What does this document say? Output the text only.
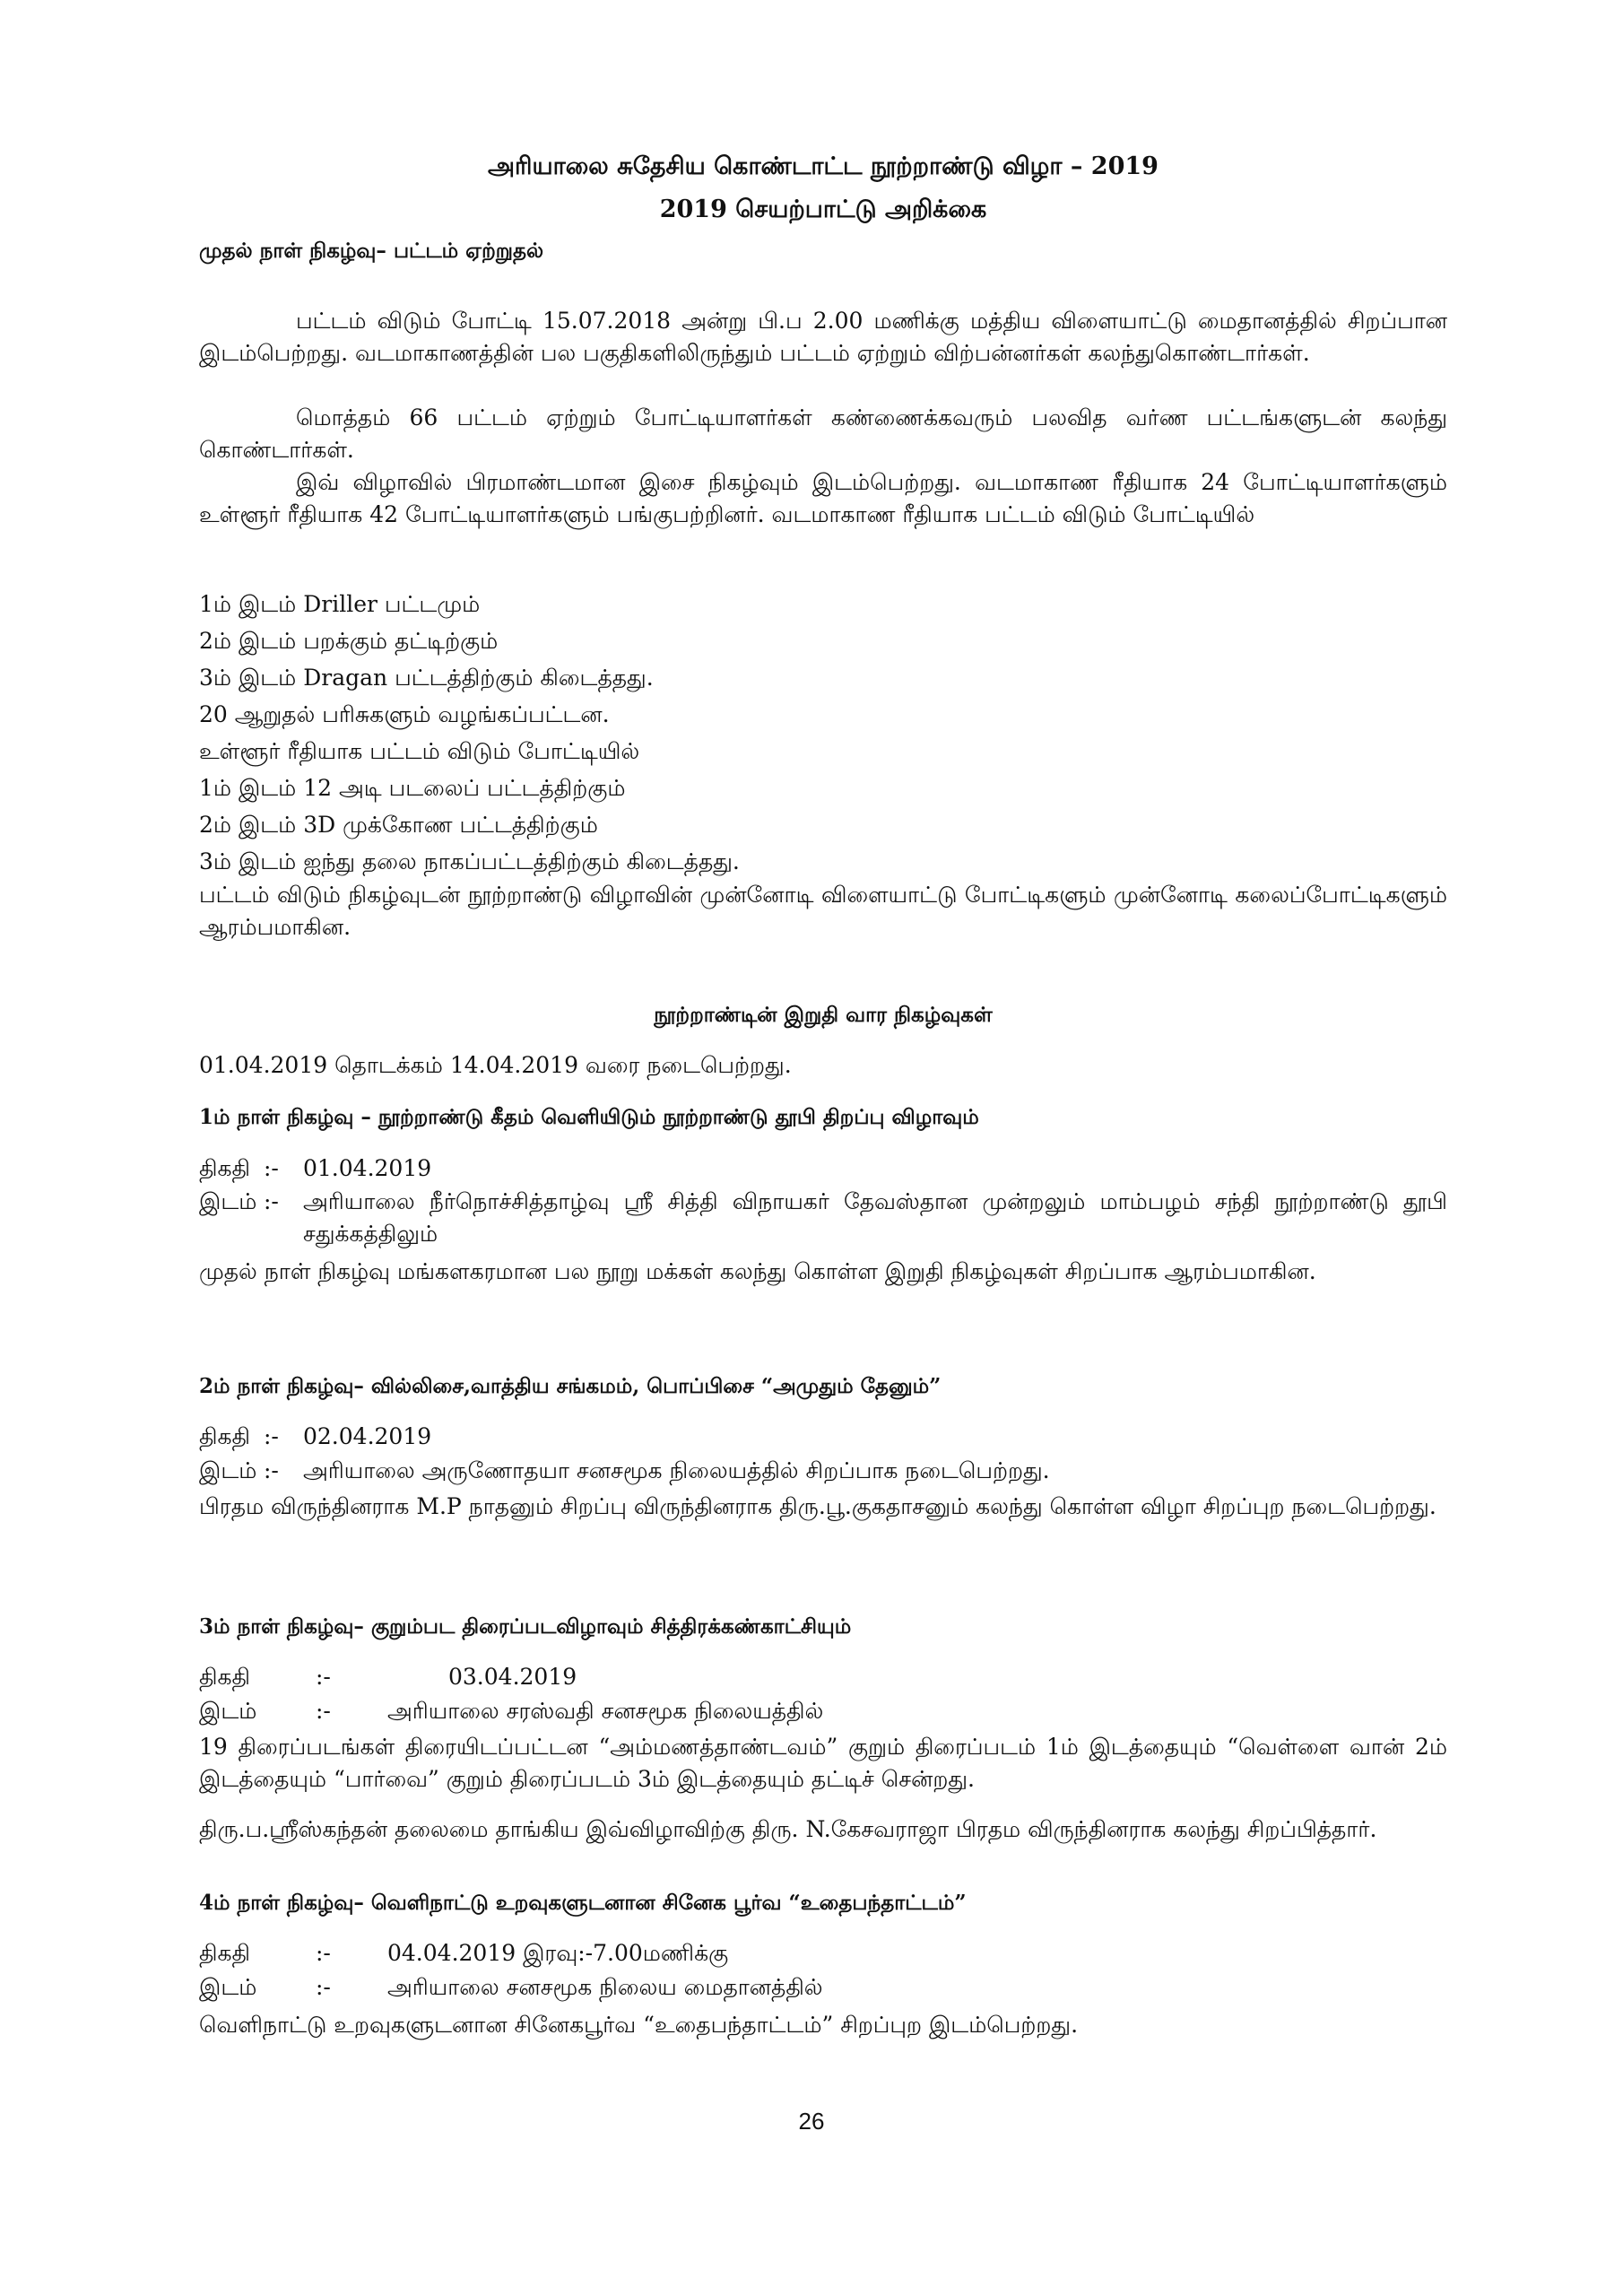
அரியாலை சுதேசிய கொண்டாட்ட நூற்றாண்டு விழா – 2019
2019 செயற்பாட்டு அறிக்கை
முதல் நாள் நிகழ்வு– பட்டம் ஏற்றுதல்
பட்டம் விடும் போட்டி 15.07.2018 அன்று பி.ப 2.00 மணிக்கு மத்திய விளையாட்டு மைதானத்தில் சிறப்பான இடம்பெற்றது. வடமாகாணத்தின் பல பகுதிகளிலிருந்தும் பட்டம் ஏற்றும் விற்பன்னர்கள் கலந்துகொண்டார்கள்.
மொத்தம் 66 பட்டம் ஏற்றும் போட்டியாளர்கள் கண்ணைக்கவரும் பலவித வர்ண பட்டங்களுடன் கலந்து கொண்டார்கள்.
இவ் விழாவில் பிரமாண்டமான இசை நிகழ்வும் இடம்பெற்றது. வடமாகாண ரீதியாக 24 போட்டியாளர்களும் உள்ளூர் ரீதியாக 42 போட்டியாளர்களும் பங்குபற்றினர். வடமாகாண ரீதியாக பட்டம் விடும் போட்டியில்
1ம் இடம் Driller பட்டமும்
2ம் இடம் பறக்கும் தட்டிற்கும்
3ம் இடம் Dragan பட்டத்திற்கும் கிடைத்தது.
20 ஆறுதல் பரிசுகளும் வழங்கப்பட்டன.
உள்ளூர் ரீதியாக பட்டம் விடும் போட்டியில்
1ம் இடம் 12 அடி படலைப் பட்டத்திற்கும்
2ம் இடம் 3D முக்கோண பட்டத்திற்கும்
3ம் இடம் ஐந்து தலை நாகப்பட்டத்திற்கும் கிடைத்தது.
பட்டம் விடும் நிகழ்வுடன் நூற்றாண்டு விழாவின் முன்னோடி விளையாட்டு போட்டிகளும் முன்னோடி கலைப்போட்டிகளும் ஆரம்பமாகின.
நூற்றாண்டின் இறுதி வார நிகழ்வுகள்
01.04.2019 தொடக்கம் 14.04.2019 வரை நடைபெற்றது.
1ம் நாள் நிகழ்வு – நூற்றாண்டு கீதம் வெளியிடும் நூற்றாண்டு தூபி திறப்பு விழாவும்
திகதி :-	01.04.2019
இடம் :-	அரியாலை நீர்நொச்சித்தாழ்வு ஸ்ரீ சித்தி விநாயகர் தேவஸ்தான முன்றலும் மாம்பழம் சந்தி நூற்றாண்டு தூபி சதுக்கத்திலும்
முதல் நாள் நிகழ்வு மங்களகரமான பல நூறு மக்கள் கலந்து கொள்ள இறுதி நிகழ்வுகள் சிறப்பாக ஆரம்பமாகின.
2ம் நாள் நிகழ்வு– வில்லிசை,வாத்திய சங்கமம், பொப்பிசை “அமுதும் தேனும்”
திகதி :-	02.04.2019
இடம் :-	அரியாலை அருணோதயா சனசமூக நிலையத்தில் சிறப்பாக நடைபெற்றது.
பிரதம விருந்தினராக M.P நாதனும் சிறப்பு விருந்தினராக திரு.பூ.குகதாசனும் கலந்து கொள்ள விழா சிறப்புற நடைபெற்றது.
3ம் நாள் நிகழ்வு– குறும்பட திரைப்படவிழாவும் சித்திரக்கண்காட்சியும்
திகதி	:-	03.04.2019
இடம்	:-	அரியாலை சரஸ்வதி சனசமூக நிலையத்தில்
19 திரைப்படங்கள் திரையிடப்பட்டன “அம்மணத்தாண்டவம்” குறும் திரைப்படம் 1ம் இடத்தையும் “வெள்ளை வான் 2ம் இடத்தையும் “பார்வை” குறும் திரைப்படம் 3ம் இடத்தையும் தட்டிச் சென்றது.
திரு.ப.ஸ்ரீஸ்கந்தன் தலைமை தாங்கிய இவ்விழாவிற்கு திரு. N.கேசவராஜா பிரதம விருந்தினராக கலந்து சிறப்பித்தார்.
4ம் நாள் நிகழ்வு– வெளிநாட்டு உறவுகளுடனான சினேக பூர்வ “உதைபந்தாட்டம்”
திகதி	:-	04.04.2019 இரவு:-7.00மணிக்கு
இடம்	:-	அரியாலை சனசமூக நிலைய மைதானத்தில்
வெளிநாட்டு உறவுகளுடனான சினேகபூர்வ “உதைபந்தாட்டம்” சிறப்புற இடம்பெற்றது.
26
